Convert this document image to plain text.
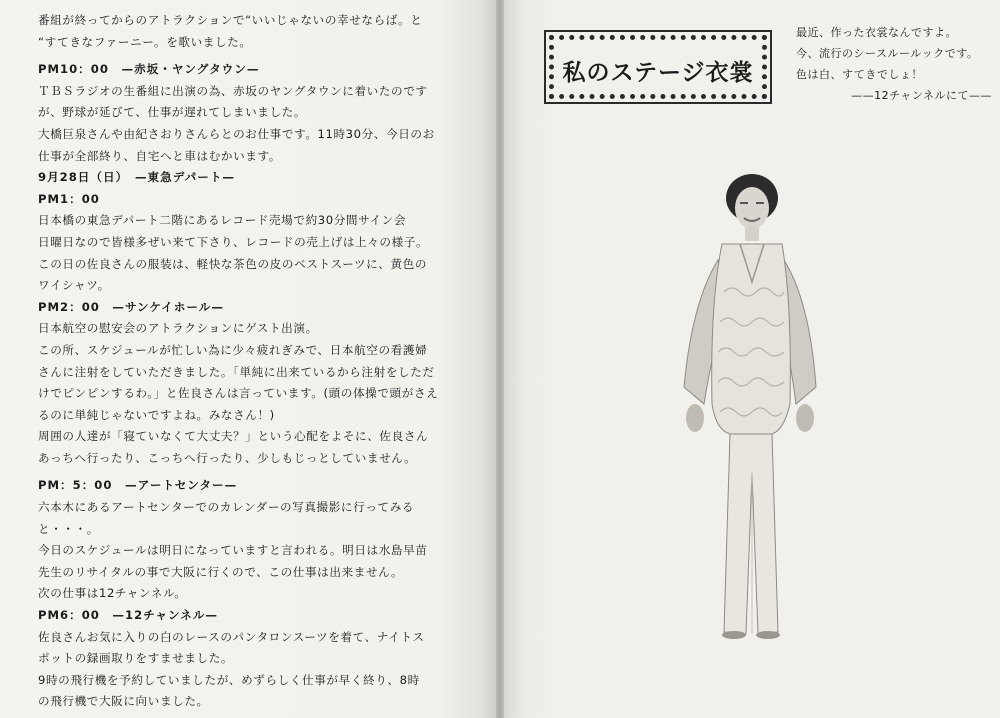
番組が終ってからのアトラクションで“いいじゃないの幸せならば。と

“すてきなファーニー。を歌いました。

PM10：00　—赤坂・ヤングタウン—

ＴＢＳラジオの生番組に出演の為、赤坂のヤングタウンに着いたのです

が、野球が延びて、仕事が遅れてしまいました。

大橋巨泉さんや由紀さおりさんらとのお仕事です。11時30分、今日のお

仕事が全部終り、自宅へと車はむかいます。

9月28日（日）　—東急デパート—

PM1：00

日本橋の東急デパート二階にあるレコード売場で約30分間サイン会

日曜日なので皆様多ぜい来て下さり、レコードの売上げは上々の様子。

この日の佐良さんの服装は、軽快な茶色の皮のベストスーツに、黄色の

ワイシャツ。

PM2：00　—サンケイホール—

日本航空の慰安会のアトラクションにゲスト出演。

この所、スケジュールが忙しい為に少々疲れぎみで、日本航空の看護婦

さんに注射をしていただきました。「単純に出来ているから注射をしただ

けでピンピンするわ。」と佐良さんは言っています。(頭の体操で頭がさえ

るのに単純じゃないですよね。みなさん！)

周囲の人達が「寝ていなくて大丈夫？」という心配をよそに、佐良さん

あっちへ行ったり、こっちへ行ったり、少しもじっとしていません。

PM：5：00　—アートセンター—

六本木にあるアートセンターでのカレンダーの写真撮影に行ってみると・・・。

今日のスケジュールは明日になっていますと言われる。明日は水島早苗

先生のリサイタルの事で大阪に行くので、この仕事は出来ません。

次の仕事は12チャンネル。

PM6：00　—12チャンネル—

佐良さんお気に入りの白のレースのパンタロンスーツを着て、ナイトス

ポットの録画取りをすませました。

9時の飛行機を予約していましたが、めずらしく仕事が早く終り、8時

の飛行機で大阪に向いました。

私のステージ衣裳

最近、作った衣裳なんですよ。

今、流行のシースルールックです。

色は白、すてきでしょ！

——12チャンネルにて——
